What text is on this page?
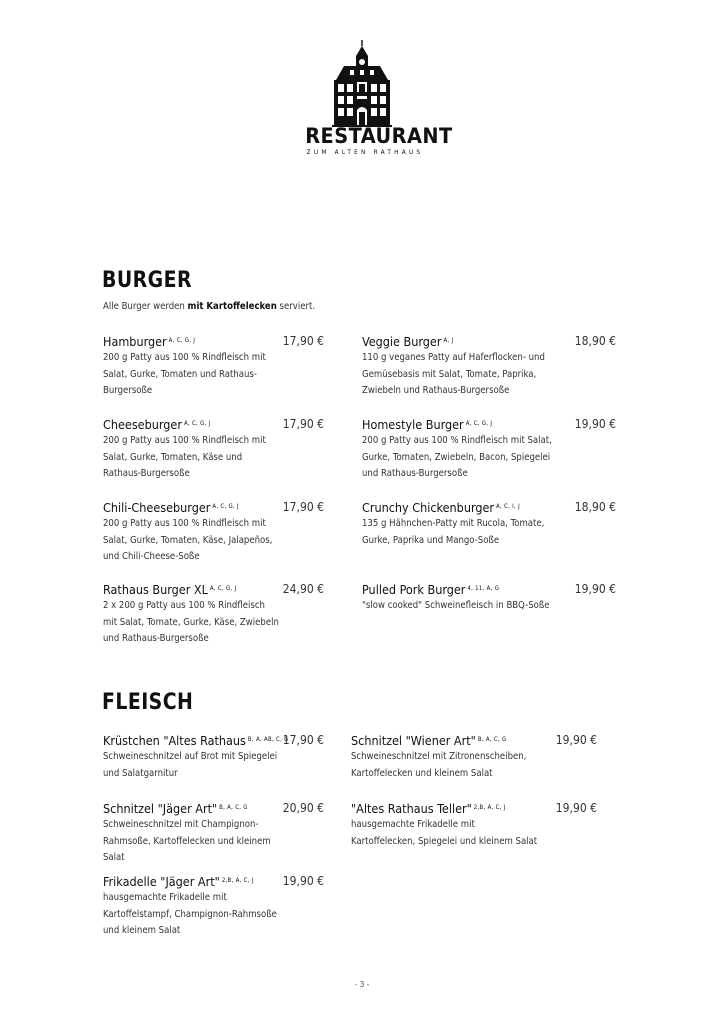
RESTAURANT
ZUM ALTEN RATHAUS
BURGER
Alle Burger werden mit Kartoffelecken serviert.
Hamburger $^{A, C, G, J}$
200 g Patty aus 100 % Rindfleisch mit Salat, Gurke, Tomaten und Rathaus-Burgersoße
17,90 €
Cheeseburger $^{A, C, G, J}$
200 g Patty aus 100 % Rindfleisch mit Salat, Gurke, Tomaten, Käse und Rathaus-Burgersoße
17,90 €
Chili-Cheeseburger $^{A, C, G, J}$
200 g Patty aus 100 % Rindfleisch mit Salat, Gurke, Tomaten, Käse, Jalapeños, und Chili-Cheese-Soße
17,90 €
Rathaus Burger XL $^{A, C, G, J}$
2 x 200 g Patty aus 100 % Rindfleisch mit Salat, Tomate, Gurke, Käse, Zwiebeln und Rathaus-Burgersoße
24,90 €
Veggie Burger $^{A, J}$
110 g veganes Patty auf Haferflocken- und Gemüsebasis mit Salat, Tomate, Paprika, Zwiebeln und Rathaus-Burgersoße
18,90 €
Homestyle Burger $^{A, C, G, J}$
200 g Patty aus 100 % Rindfleisch mit Salat, Gurke, Tomaten, Zwiebeln, Bacon, Spiegelei und Rathaus-Burgersoße
19,90 €
Crunchy Chickenburger $^{A, C, I, J}$
135 g Hähnchen-Patty mit Rucola, Tomate, Gurke, Paprika und Mango-Soße
18,90 €
Pulled Pork Burger $^{4, 11, A, G}$
"slow cooked" Schweinefleisch in BBQ-Soße
19,90 €
FLEISCH
Krüstchen "Altes Rathaus $^{B, A, AB, C, G}$
Schweineschnitzel auf Brot mit Spiegelei und Salatgarnitur
17,90 €
Schnitzel "Jäger Art" $^{B, A, C, G}$
Schweineschnitzel mit Champignon-Rahmsoße, Kartoffelecken und kleinem Salat
20,90 €
Frikadelle "Jäger Art" $^{2,B, A, C, J}$
hausgemachte Frikadelle mit Kartoffelstampf, Champignon-Rahmsoße und kleinem Salat
19,90 €
Schnitzel "Wiener Art" $^{B, A, C, G}$
Schweineschnitzel mit Zitronenscheiben, Kartoffelecken und kleinem Salat
19,90 €
"Altes Rathaus Teller" $^{2,B, A, C, J}$
hausgemachte Frikadelle mit Kartoffelecken, Spiegelei und kleinem Salat
19,90 €
- 3 -
